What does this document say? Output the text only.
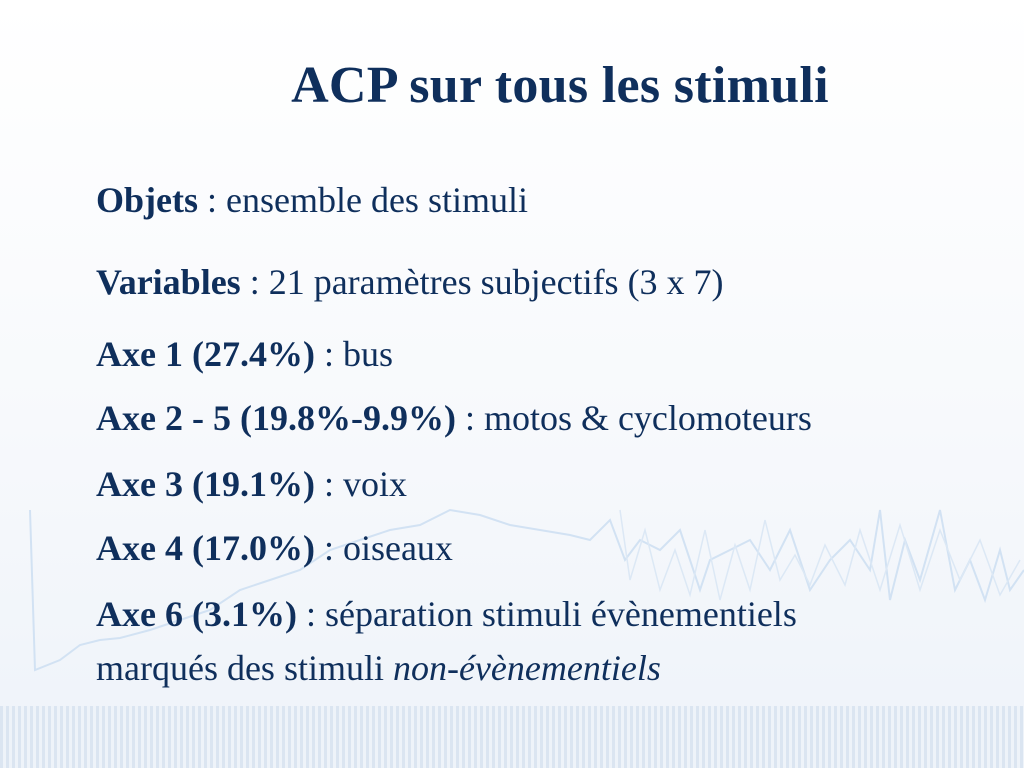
ACP sur tous les stimuli

Objets : ensemble des stimuli

Variables : 21 paramètres subjectifs (3 x 7)

Axe 1 (27.4%) : bus

Axe 2 - 5 (19.8%-9.9%) : motos & cyclomoteurs

Axe 3 (19.1%) : voix

Axe 4 (17.0%) : oiseaux

Axe 6 (3.1%) : séparation stimuli évènementiels

marqués des stimuli non-évènementiels
